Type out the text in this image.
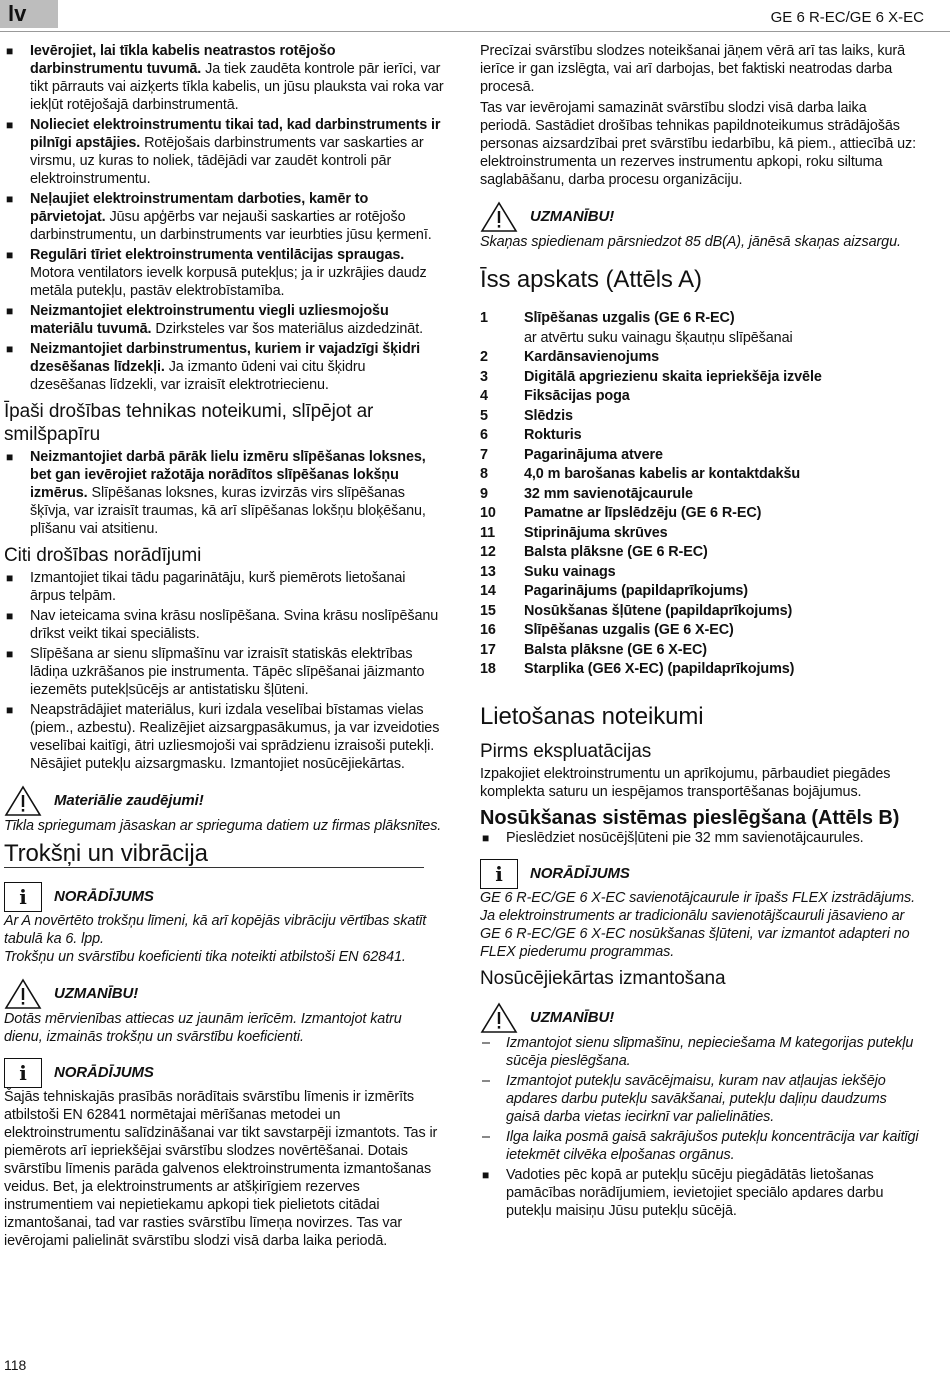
lv	GE 6 R-EC/GE 6 X-EC
■ Ievērojiet, lai tīkla kabelis neatrastos rotējošo darbinstrumentu tuvumā. Ja tiek zaudēta kontrole pār ierīci, var tikt pārrauts vai aizķerts tīkla kabelis, un jūsu plauksta vai roka var iekļūt rotējošajā darbinstrumentā.
■ Nolieciet elektroinstrumentu tikai tad, kad darbinstruments ir pilnīgi apstājies. Rotējošais darbinstruments var saskarties ar virsmu, uz kuras to noliek, tādējādi var zaudēt kontroli pār elektroinstrumentu.
■ Neļaujiet elektroinstrumentam darboties, kamēr to pārvietojat. Jūsu apģērbs var nejauši saskarties ar rotējošo darbinstrumentu, un darbinstruments var ieurbties jūsu ķermenī.
■ Regulāri tīriet elektroinstrumenta ventilācijas spraugas. Motora ventilators ievelk korpusā putekļus; ja ir uzkrājies daudz metāla putekļu, pastāv elektrobīstamība.
■ Neizmantojiet elektroinstrumentu viegli uzliesmojošu materiālu tuvumā. Dzirksteles var šos materiālus aizdedzināt.
■ Neizmantojiet darbinstrumentus, kuriem ir vajadzīgi šķidri dzesēšanas līdzekļi. Ja izmanto ūdeni vai citu šķidru dzesēšanas līdzekli, var izraisīt elektrotriecienu.
Īpaši drošības tehnikas noteikumi, slīpējot ar smilšpapīru
■ Neizmantojiet darbā pārāk lielu izmēru slīpēšanas loksnes, bet gan ievērojiet ražotāja norādītos slīpēšanas lokšņu izmērus. Slīpēšanas loksnes, kuras izvirzās virs slīpēšanas šķīvja, var izraisīt traumas, kā arī slīpēšanas lokšņu bloķēšanu, plīšanu vai atsitienu.
Citi drošības norādījumi
■ Izmantojiet tikai tādu pagarinātāju, kurš piemērots lietošanai ārpus telpām.
■ Nav ieteicama svina krāsu noslīpēšana. Svina krāsu noslīpēšanu drīkst veikt tikai speciālists.
■ Slīpēšana ar sienu slīpmašīnu var izraisīt statiskās elektrības lādiņa uzkrāšanos pie instrumenta. Tāpēc slīpēšanai jāizmanto iezemēts putekļsūcējs ar antistatisku šļūteni.
■ Neapstrādājiet materiālus, kuri izdala veselībai bīstamas vielas (piem., azbestu). Realizējiet aizsargpasākumus, ja var izveidoties veselībai kaitīgi, ātri uzliesmojoši vai sprādzienu izraisoši putekļi. Nēsājiet putekļu aizsargmasku. Izmantojiet nosūcējiekārtas.
Materiālie zaudējumi!

Tīkla spriegumam jāsaskan ar sprieguma datiem uz firmas plāksnītes.

Trokšņi un vibrācija
i	NORĀDĪJUMS

Ar A novērtēto trokšņu līmeni, kā arī kopējās vibrāciju vērtības skatīt tabulā ka 6. lpp.
Trokšņu un svārstību koeficienti tika noteikti atbilstoši EN 62841.

UZMANĪBU!

Dotās mērvienības attiecas uz jaunām ierīcēm. Izmantojot katru dienu, izmainās trokšņu un svārstību koeficienti.

i	NORĀDĪJUMS

Šajās tehniskajās prasībās norādītais svārstību līmenis ir izmērīts atbilstoši EN 62841 normētajai mērīšanas metodei un elektroinstrumentu salīdzināšanai var tikt savstarpēji izmantots. Tas ir piemērots arī iepriekšējai svārstību slodzes novērtēšanai. Dotais svārstību līmenis parāda galvenos elektroinstrumenta izmantošanas veidus. Bet, ja elektroinstruments ar atšķirīgiem rezerves instrumentiem vai nepietiekamu apkopi tiek pielietots citādai izmantošanai, tad var rasties svārstību līmeņa novirzes. Tas var ievērojami palielināt svārstību slodzi visā darba laika periodā.

Precīzai svārstību slodzes noteikšanai jāņem vērā arī tas laiks, kurā ierīce ir gan izslēgta, vai arī darbojas, bet faktiski neatrodas darba procesā.

Tas var ievērojami samazināt svārstību slodzi visā darba laika periodā. Sastādiet drošības tehnikas papildnoteikumus strādājošās personas aizsardzībai pret svārstību iedarbību, kā piem., attiecībā uz: elektroinstrumenta un rezerves instrumentu apkopi, roku siltuma saglabāšanu, darba procesu organizāciju.

UZMANĪBU!

Skaņas spiedienam pārsniedzot 85 dB(A), jānēsā skaņas aizsargu.

Īss apskats (Attēls A)
1	Slīpēšanas uzgalis (GE 6 R-EC)
ar atvērtu suku vainagu šķautņu slīpēšanai
2	Kardānsavienojums
3	Digitālā apgriezienu skaita iepriekšēja izvēle
4	Fiksācijas poga
5	Slēdzis
6	Rokturis
7	Pagarinājuma atvere
8	4,0 m barošanas kabelis ar kontaktdakšu
9	32 mm savienotājcaurule
10	Pamatne ar līpslēdzēju (GE 6 R-EC)
11	Stiprinājuma skrūves
12	Balsta plāksne (GE 6 R-EC)
13	Suku vainags
14	Pagarinājums (papildaprīkojums)
15	Nosūkšanas šļūtene (papildaprīkojums)
16	Slīpēšanas uzgalis (GE 6 X-EC)
17	Balsta plāksne (GE 6 X-EC)
18	Starplika (GE6 X-EC) (papildaprīkojums)
Lietošanas noteikumi
Pirms ekspluatācijas

Izpakojiet elektroinstrumentu un aprīkojumu, pārbaudiet piegādes komplekta saturu un iespējamos transportēšanas bojājumus.

Nosūkšanas sistēmas pieslēgšana (Attēls B)
■ Pieslēdziet nosūcējšļūteni pie 32 mm savienotājcaurules.
i	NORĀDĪJUMS

GE 6 R-EC/GE 6 X-EC savienotājcaurule ir īpašs FLEX izstrādājums. Ja elektroinstruments ar tradicionālu savienotājšcauruli jāsavieno ar GE 6 R-EC/GE 6 X-EC nosūkšanas šļūteni, var izmantot adapteri no FLEX piederumu programmas.

Nosūcējiekārtas izmantošana
UZMANĪBU!
– Izmantojot sienu slīpmašīnu, nepieciešama M kategorijas putekļu sūcēja pieslēgšana.
– Izmantojot putekļu savācējmaisu, kuram nav atļaujas iekšējo apdares darbu putekļu savākšanai, putekļu daļiņu daudzums gaisā darba vietas iecirknī var palielināties.
– Ilga laika posmā gaisā sakrājušos putekļu koncentrācija var kaitīgi ietekmēt cilvēka elpošanas orgānus.
■ Vadoties pēc kopā ar putekļu sūcēju piegādātās lietošanas pamācības norādījumiem, ievietojiet speciālo apdares darbu putekļu maisiņu Jūsu putekļu sūcējā.
118
